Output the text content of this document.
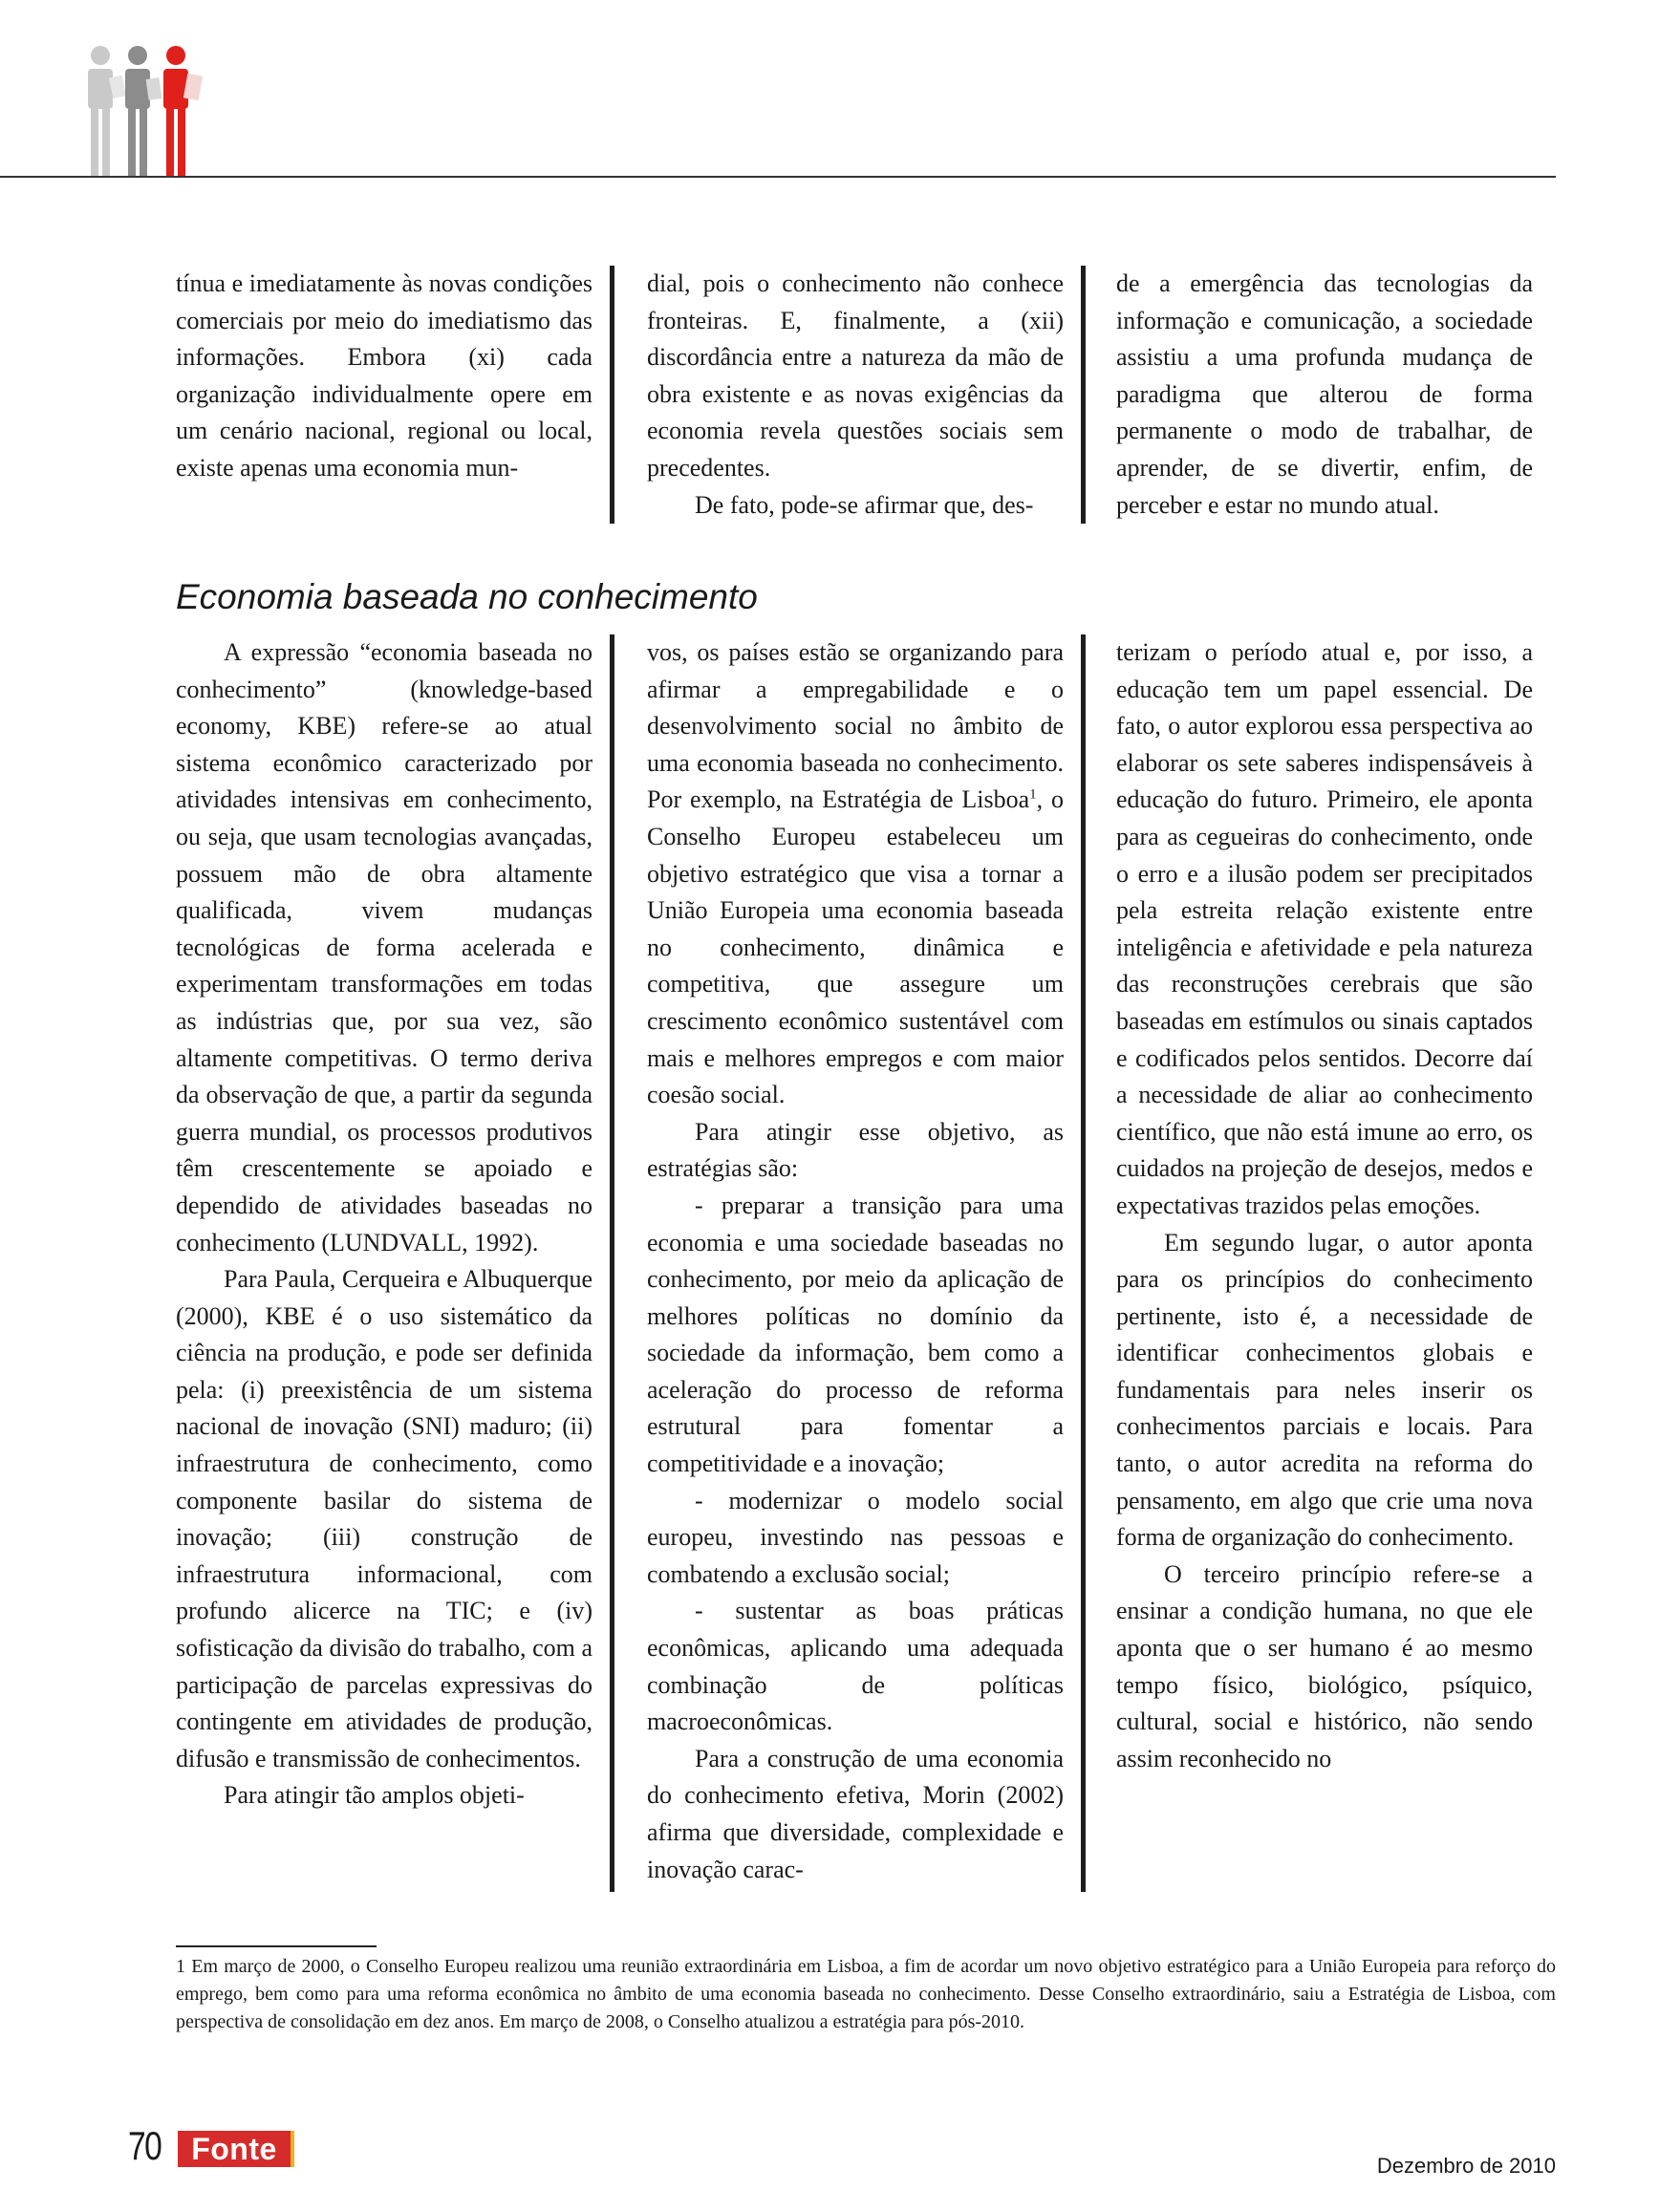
tínua e imediatamente às novas condições comerciais por meio do imediatismo das informações. Embora (xi) cada organização individualmente opere em um cenário nacional, regional ou local, existe apenas uma economia mun-

dial, pois o conhecimento não conhece fronteiras. E, finalmente, a (xii) discordância entre a natureza da mão de obra existente e as novas exigências da economia revela questões sociais sem precedentes.

De fato, pode-se afirmar que, des-

de a emergência das tecnologias da informação e comunicação, a sociedade assistiu a uma profunda mudança de paradigma que alterou de forma permanente o modo de trabalhar, de aprender, de se divertir, enfim, de perceber e estar no mundo atual.

Economia baseada no conhecimento

A expressão “economia baseada no conhecimento” (knowledge-based economy, KBE) refere-se ao atual sistema econômico caracterizado por atividades intensivas em conhecimento, ou seja, que usam tecnologias avançadas, possuem mão de obra altamente qualificada, vivem mudanças tecnológicas de forma acelerada e experimentam transformações em todas as indústrias que, por sua vez, são altamente competitivas. O termo deriva da observação de que, a partir da segunda guerra mundial, os processos produtivos têm crescentemente se apoiado e dependido de atividades baseadas no conhecimento (LUNDVALL, 1992).

Para Paula, Cerqueira e Albuquerque (2000), KBE é o uso sistemático da ciência na produção, e pode ser definida pela: (i) preexistência de um sistema nacional de inovação (SNI) maduro; (ii) infraestrutura de conhecimento, como componente basilar do sistema de inovação; (iii) construção de infraestrutura informacional, com profundo alicerce na TIC; e (iv) sofisticação da divisão do trabalho, com a participação de parcelas expressivas do contingente em atividades de produção, difusão e transmissão de conhecimentos.

Para atingir tão amplos objeti-

vos, os países estão se organizando para afirmar a empregabilidade e o desenvolvimento social no âmbito de uma economia baseada no conhecimento. Por exemplo, na Estratégia de Lisboa$^1$, o Conselho Europeu estabeleceu um objetivo estratégico que visa a tornar a União Europeia uma economia baseada no conhecimento, dinâmica e competitiva, que assegure um crescimento econômico sustentável com mais e melhores empregos e com maior coesão social.

Para atingir esse objetivo, as estratégias são:

- preparar a transição para uma economia e uma sociedade baseadas no conhecimento, por meio da aplicação de melhores políticas no domínio da sociedade da informação, bem como a aceleração do processo de reforma estrutural para fomentar a competitividade e a inovação;

- modernizar o modelo social europeu, investindo nas pessoas e combatendo a exclusão social;

- sustentar as boas práticas econômicas, aplicando uma adequada combinação de políticas macroeconômicas.

Para a construção de uma economia do conhecimento efetiva, Morin (2002) afirma que diversidade, complexidade e inovação carac-

terizam o período atual e, por isso, a educação tem um papel essencial. De fato, o autor explorou essa perspectiva ao elaborar os sete saberes indispensáveis à educação do futuro. Primeiro, ele aponta para as cegueiras do conhecimento, onde o erro e a ilusão podem ser precipitados pela estreita relação existente entre inteligência e afetividade e pela natureza das reconstruções cerebrais que são baseadas em estímulos ou sinais captados e codificados pelos sentidos. Decorre daí a necessidade de aliar ao conhecimento científico, que não está imune ao erro, os cuidados na projeção de desejos, medos e expectativas trazidos pelas emoções.

Em segundo lugar, o autor aponta para os princípios do conhecimento pertinente, isto é, a necessidade de identificar conhecimentos globais e fundamentais para neles inserir os conhecimentos parciais e locais. Para tanto, o autor acredita na reforma do pensamento, em algo que crie uma nova forma de organização do conhecimento.

O terceiro princípio refere-se a ensinar a condição humana, no que ele aponta que o ser humano é ao mesmo tempo físico, biológico, psíquico, cultural, social e histórico, não sendo assim reconhecido no

1 Em março de 2000, o Conselho Europeu realizou uma reunião extraordinária em Lisboa, a fim de acordar um novo objetivo estratégico para a União Europeia para reforço do emprego, bem como para uma reforma econômica no âmbito de uma economia baseada no conhecimento. Desse Conselho extraordinário, saiu a Estratégia de Lisboa, com perspectiva de consolidação em dez anos. Em março de 2008, o Conselho atualizou a estratégia para pós-2010.

70	Fonte	Dezembro de 2010
